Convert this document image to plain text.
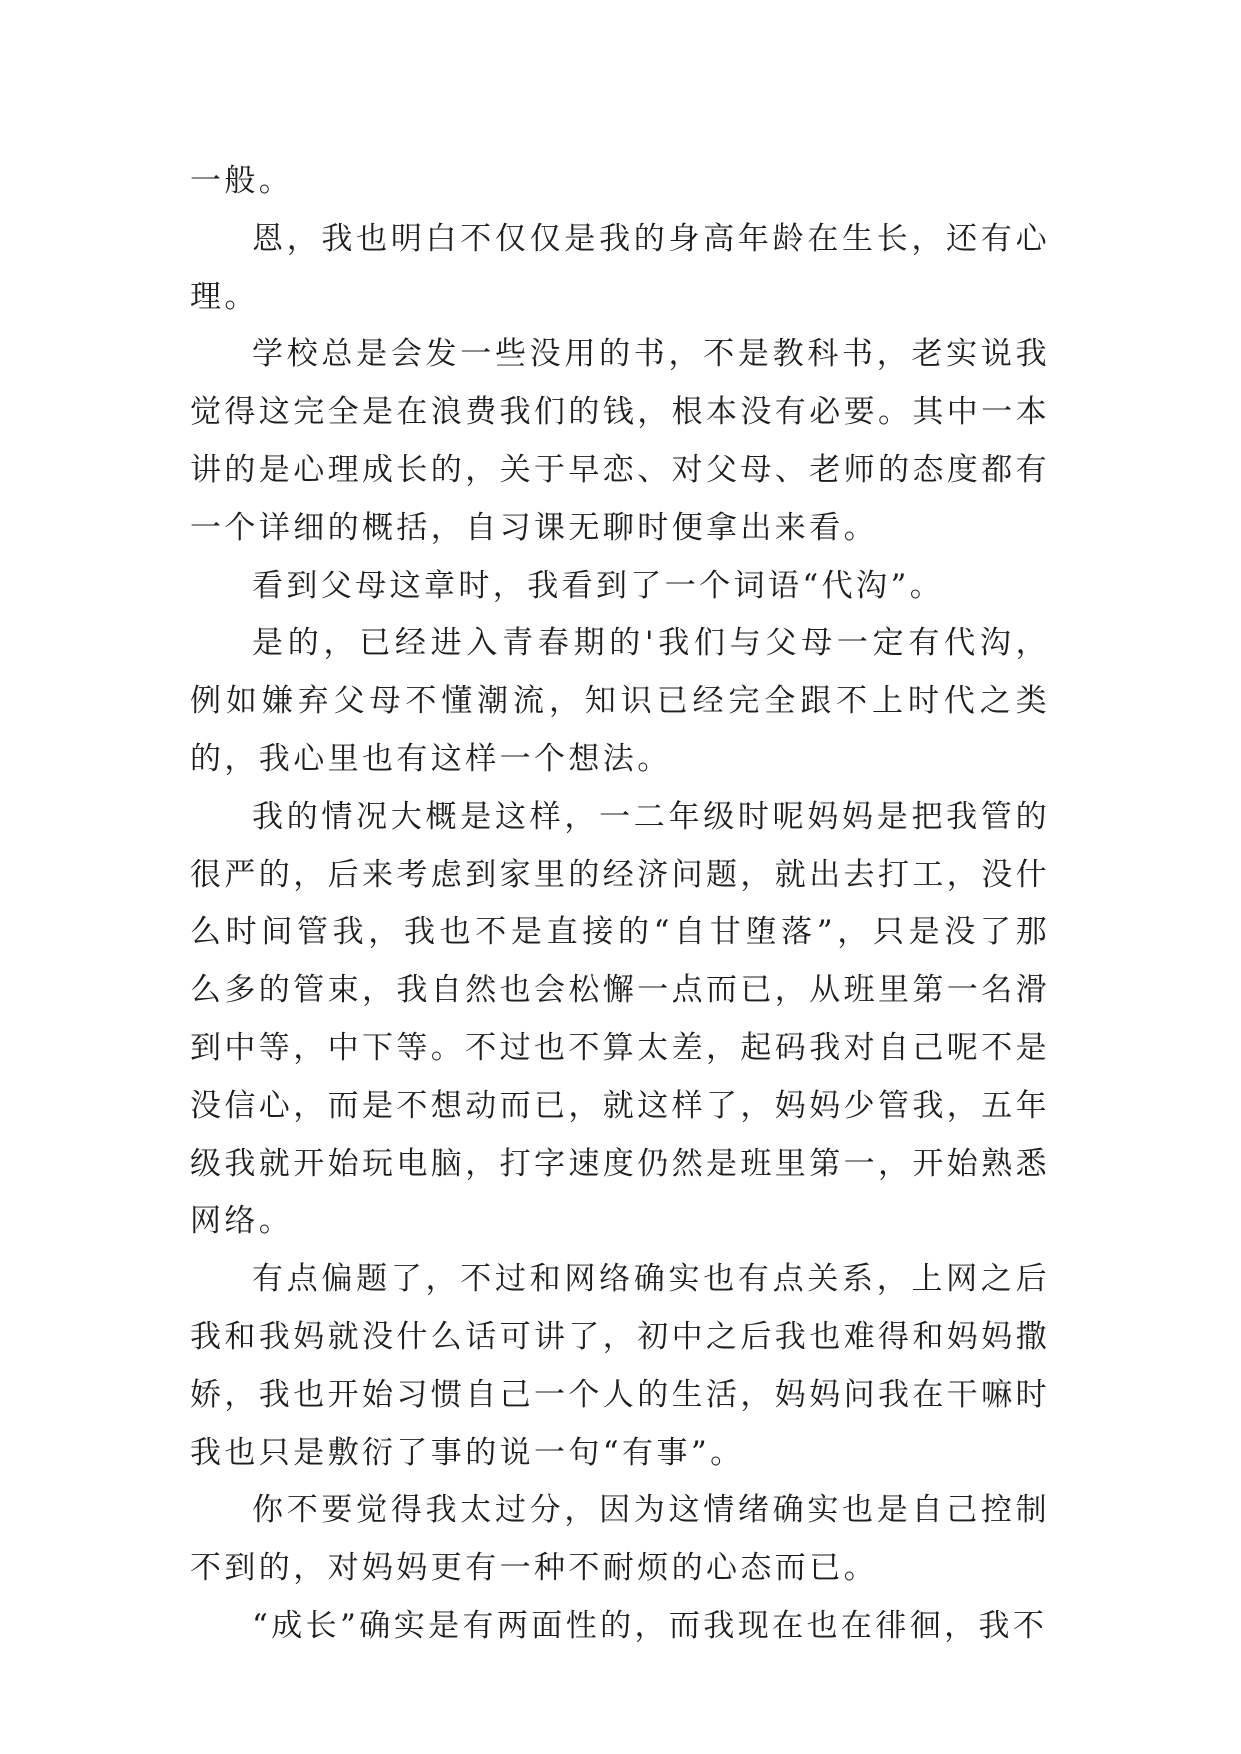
一般。

恩，我也明白不仅仅是我的身高年龄在生长，还有心理。

学校总是会发一些没用的书，不是教科书，老实说我觉得这完全是在浪费我们的钱，根本没有必要。其中一本讲的是心理成长的，关于早恋、对父母、老师的态度都有一个详细的概括，自习课无聊时便拿出来看。

看到父母这章时，我看到了一个词语“代沟”。

是的，已经进入青春期的'我们与父母一定有代沟，例如嫌弃父母不懂潮流，知识已经完全跟不上时代之类的，我心里也有这样一个想法。

我的情况大概是这样，一二年级时呢妈妈是把我管的很严的，后来考虑到家里的经济问题，就出去打工，没什么时间管我，我也不是直接的“自甘堕落”，只是没了那么多的管束，我自然也会松懈一点而已，从班里第一名滑到中等，中下等。不过也不算太差，起码我对自己呢不是没信心，而是不想动而已，就这样了，妈妈少管我，五年级我就开始玩电脑，打字速度仍然是班里第一，开始熟悉网络。

有点偏题了，不过和网络确实也有点关系，上网之后我和我妈就没什么话可讲了，初中之后我也难得和妈妈撒娇，我也开始习惯自己一个人的生活，妈妈问我在干嘛时我也只是敷衍了事的说一句“有事”。

你不要觉得我太过分，因为这情绪确实也是自己控制不到的，对妈妈更有一种不耐烦的心态而已。

“成长”确实是有两面性的，而我现在也在徘徊，我不
